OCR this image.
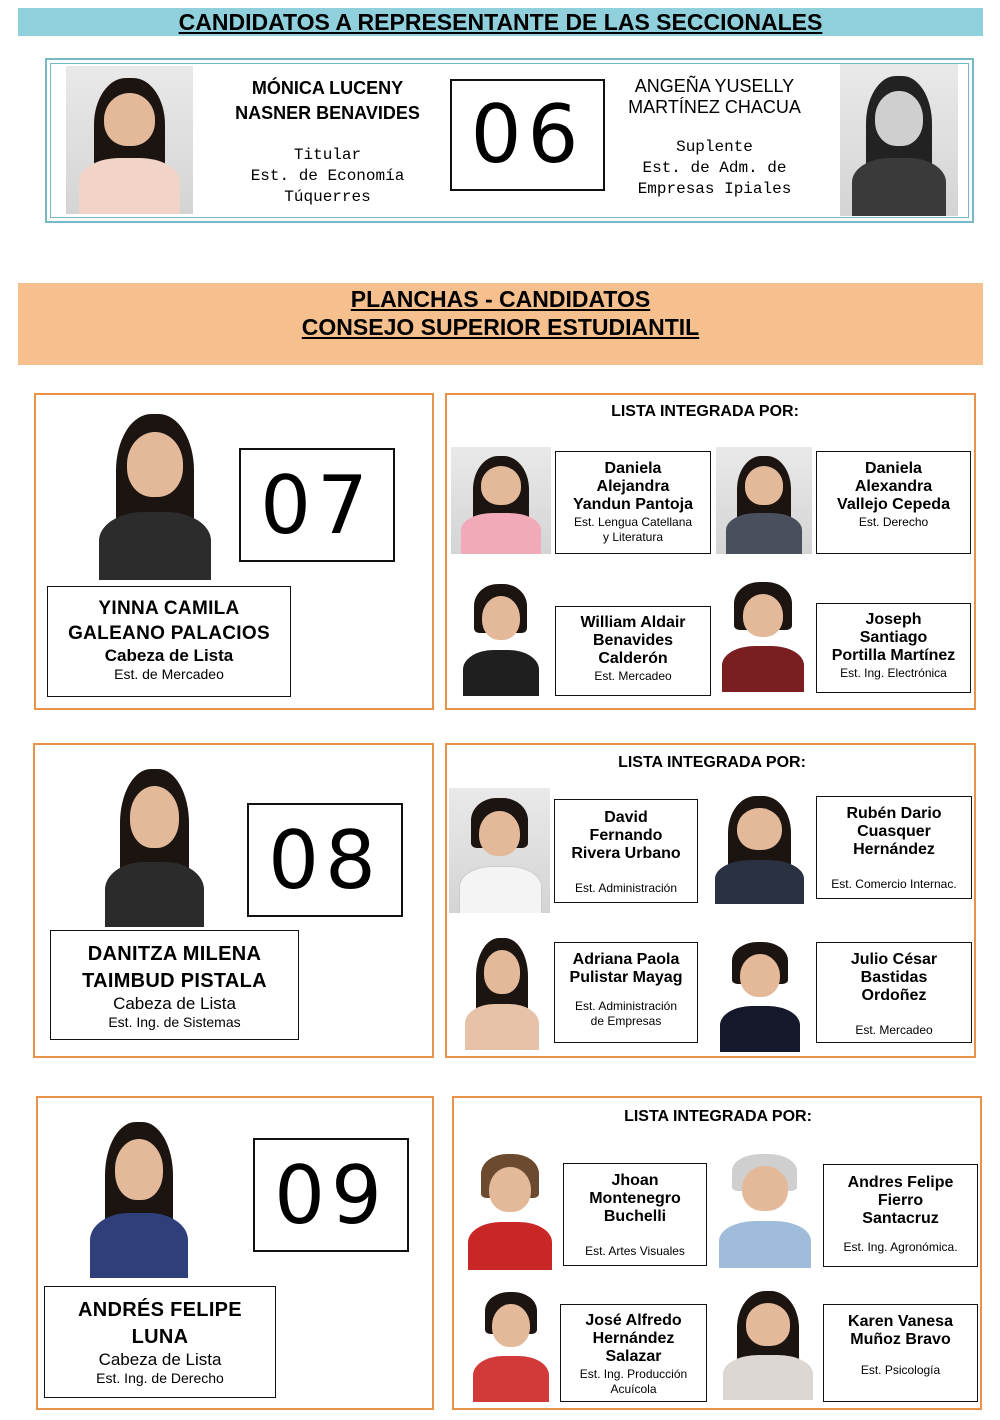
CANDIDATOS A REPRESENTANTE DE LAS SECCIONALES
MÓNICA LUCENY
NASNER BENAVIDES
Titular
Est. de Economía
Túquerres
06
ANGEÑA YUSELLY
MARTÍNEZ CHACUA
Suplente
Est. de Adm. de
Empresas Ipiales
PLANCHAS - CANDIDATOS
CONSEJO SUPERIOR ESTUDIANTIL
07
YINNA CAMILA
GALEANO PALACIOS
Cabeza de Lista
Est. de Mercadeo
LISTA INTEGRADA POR:
Daniela
Alejandra
Yandun Pantoja
Est. Lengua Catellana
y Literatura
Daniela
Alexandra
Vallejo Cepeda
Est. Derecho
William Aldair
Benavides
Calderón
Est. Mercadeo
Joseph
Santiago
Portilla Martínez
Est. Ing. Electrónica
08
DANITZA MILENA
TAIMBUD PISTALA
Cabeza de Lista
Est. Ing. de Sistemas
LISTA INTEGRADA POR:
David
Fernando
Rivera Urbano
Est. Administración
Rubén Dario
Cuasquer
Hernández
Est. Comercio Internac.
Adriana Paola
Pulistar Mayag
Est. Administración
de Empresas
Julio César
Bastidas
Ordoñez
Est. Mercadeo
09
ANDRÉS FELIPE
LUNA
Cabeza de Lista
Est. Ing. de Derecho
LISTA INTEGRADA POR:
Jhoan
Montenegro
Buchelli
Est. Artes Visuales
Andres Felipe
Fierro
Santacruz
Est. Ing. Agronómica.
José Alfredo
Hernández
Salazar
Est. Ing. Producción
Acuícola
Karen Vanesa
Muñoz Bravo
Est. Psicología
